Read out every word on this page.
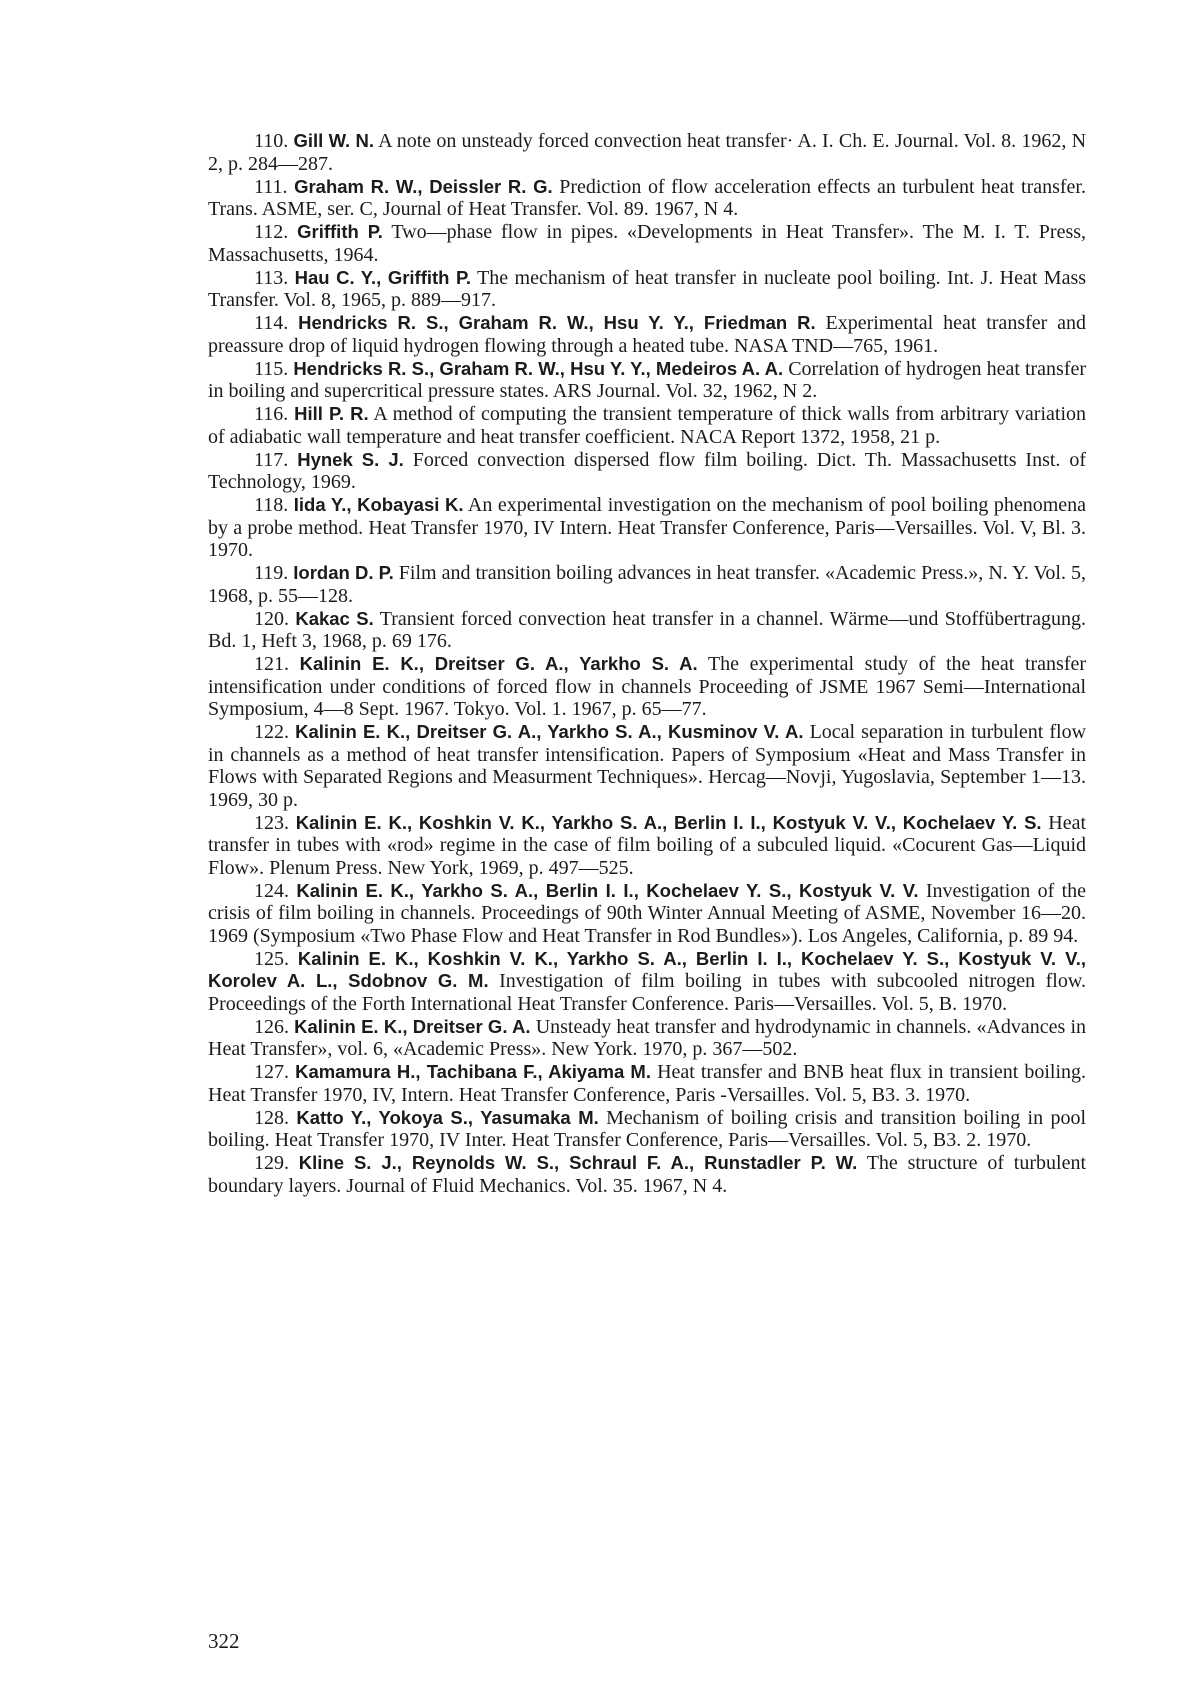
110. Gill W. N. A note on unsteady forced convection heat transfer· A. I. Ch. E. Journal. Vol. 8. 1962, N 2, p. 284—287.

111. Graham R. W., Deissler R. G. Prediction of flow acceleration effects an turbulent heat transfer. Trans. ASME, ser. C, Journal of Heat Transfer. Vol. 89. 1967, N 4.

112. Griffith P. Two—phase flow in pipes. «Developments in Heat Transfer». The M. I. T. Press, Massachusetts, 1964.

113. Hau C. Y., Griffith P. The mechanism of heat transfer in nucleate pool boiling. Int. J. Heat Mass Transfer. Vol. 8, 1965, p. 889—917.

114. Hendricks R. S., Graham R. W., Hsu Y. Y., Friedman R. Experimental heat transfer and preassure drop of liquid hydrogen flowing through a heated tube. NASA TND—765, 1961.

115. Hendricks R. S., Graham R. W., Hsu Y. Y., Medeiros A. A. Correlation of hydrogen heat transfer in boiling and supercritical pressure states. ARS Journal. Vol. 32, 1962, N 2.

116. Hill P. R. A method of computing the transient temperature of thick walls from arbitrary variation of adiabatic wall temperature and heat transfer coefficient. NACA Report 1372, 1958, 21 p.

117. Hynek S. J. Forced convection dispersed flow film boiling. Dict. Th. Massachusetts Inst. of Technology, 1969.

118. Iida Y., Kobayasi K. An experimental investigation on the mechanism of pool boiling phenomena by a probe method. Heat Transfer 1970, IV Intern. Heat Transfer Conference, Paris—Versailles. Vol. V, Bl. 3. 1970.

119. Iordan D. P. Film and transition boiling advances in heat transfer. «Academic Press.», N. Y. Vol. 5, 1968, p. 55—128.

120. Kakac S. Transient forced convection heat transfer in a channel. Wärme—und Stoffübertragung. Bd. 1, Heft 3, 1968, p. 69 176.

121. Kalinin E. K., Dreitser G. A., Yarkho S. A. The experimental study of the heat transfer intensification under conditions of forced flow in channels Proceeding of JSME 1967 Semi—International Symposium, 4—8 Sept. 1967. Tokyo. Vol. 1. 1967, p. 65—77.

122. Kalinin E. K., Dreitser G. A., Yarkho S. A., Kusminov V. A. Local separation in turbulent flow in channels as a method of heat transfer intensification. Papers of Symposium «Heat and Mass Transfer in Flows with Separated Regions and Measurment Techniques». Hercag—Novji, Yugoslavia, September 1—13. 1969, 30 p.

123. Kalinin E. K., Koshkin V. K., Yarkho S. A., Berlin I. I., Kostyuk V. V., Kochelaev Y. S. Heat transfer in tubes with «rod» regime in the case of film boiling of a subculed liquid. «Cocurent Gas—Liquid Flow». Plenum Press. New York, 1969, p. 497—525.

124. Kalinin E. K., Yarkho S. A., Berlin I. I., Kochelaev Y. S., Kostyuk V. V. Investigation of the crisis of film boiling in channels. Proceedings of 90th Winter Annual Meeting of ASME, November 16—20. 1969 (Symposium «Two Phase Flow and Heat Transfer in Rod Bundles»). Los Angeles, California, p. 89 94.

125. Kalinin E. K., Koshkin V. K., Yarkho S. A., Berlin I. I., Kochelaev Y. S., Kostyuk V. V., Korolev A. L., Sdobnov G. M. Investigation of film boiling in tubes with subcooled nitrogen flow. Proceedings of the Forth International Heat Transfer Conference. Paris—Versailles. Vol. 5, B. 1970.

126. Kalinin E. K., Dreitser G. A. Unsteady heat transfer and hydrodynamic in channels. «Advances in Heat Transfer», vol. 6, «Academic Press». New York. 1970, p. 367—502.

127. Kamamura H., Tachibana F., Akiyama M. Heat transfer and BNB heat flux in transient boiling. Heat Transfer 1970, IV, Intern. Heat Transfer Conference, Paris -Versailles. Vol. 5, B3. 3. 1970.

128. Katto Y., Yokoya S., Yasumaka M. Mechanism of boiling crisis and transition boiling in pool boiling. Heat Transfer 1970, IV Inter. Heat Transfer Conference, Paris—Versailles. Vol. 5, B3. 2. 1970.

129. Kline S. J., Reynolds W. S., Schraul F. A., Runstadler P. W. The structure of turbulent boundary layers. Journal of Fluid Mechanics. Vol. 35. 1967, N 4.

322
